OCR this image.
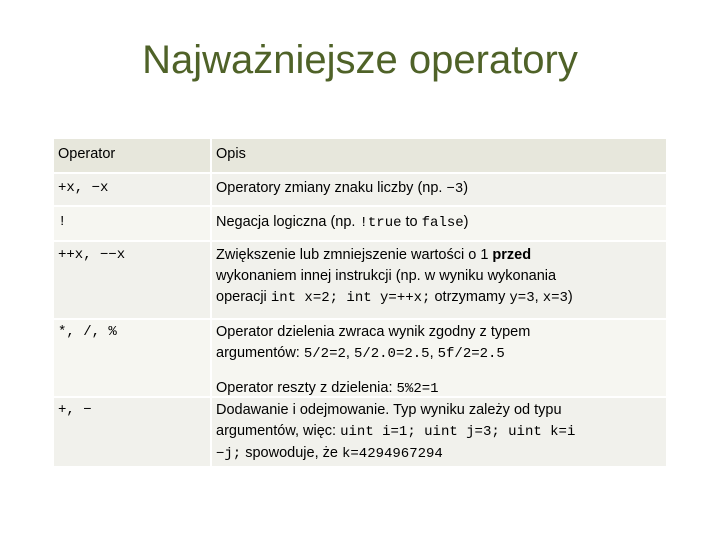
Najważniejsze operatory
Operator	Opis
+x, −x	Operatory zmiany znaku liczby (np. −3)
!	Negacja logiczna (np. !true to false)
++x, −−x	Zwiększenie lub zmniejszenie wartości o 1 przed
wykonaniem innej instrukcji (np. w wyniku wykonania
operacji int x=2; int y=++x; otrzymamy y=3, x=3)
*, /, %	Operator dzielenia zwraca wynik zgodny z typem
argumentów: 5/2=2, 5/2.0=2.5, 5f/2=2.5
Operator reszty z dzielenia: 5%2=1
+, −	Dodawanie i odejmowanie. Typ wyniku zależy od typu
argumentów, więc: uint i=1; uint j=3; uint k=i
−j; spowoduje, że k=4294967294
